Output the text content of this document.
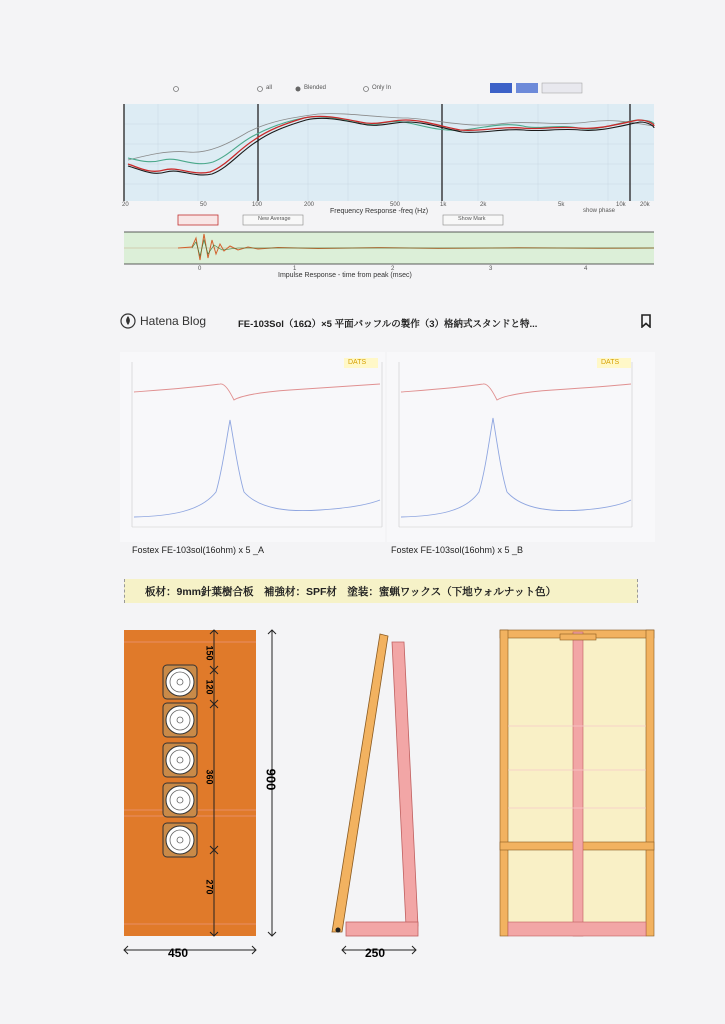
all	Blended	Only In
20	50	100	200	500	1k	2k	5k	10k 20k
Frequency Response -freq (Hz)	show phase
New Average	Show Mark
0	1	2	3	4
Impulse Response - time from peak (msec)
Hatena Blog	FE-103Sol（16Ω）×5 平面バッフルの製作（3）格納式スタンドと特...
DATS
Fostex FE-103sol(16ohm) x 5 _A
DATS
Fostex FE-103sol(16ohm) x 5 _B
板材：9mm針葉樹合板　補強材：SPF材　塗装：蜜蝋ワックス（下地ウォルナット色）
150
120
360
270
900
450	250
